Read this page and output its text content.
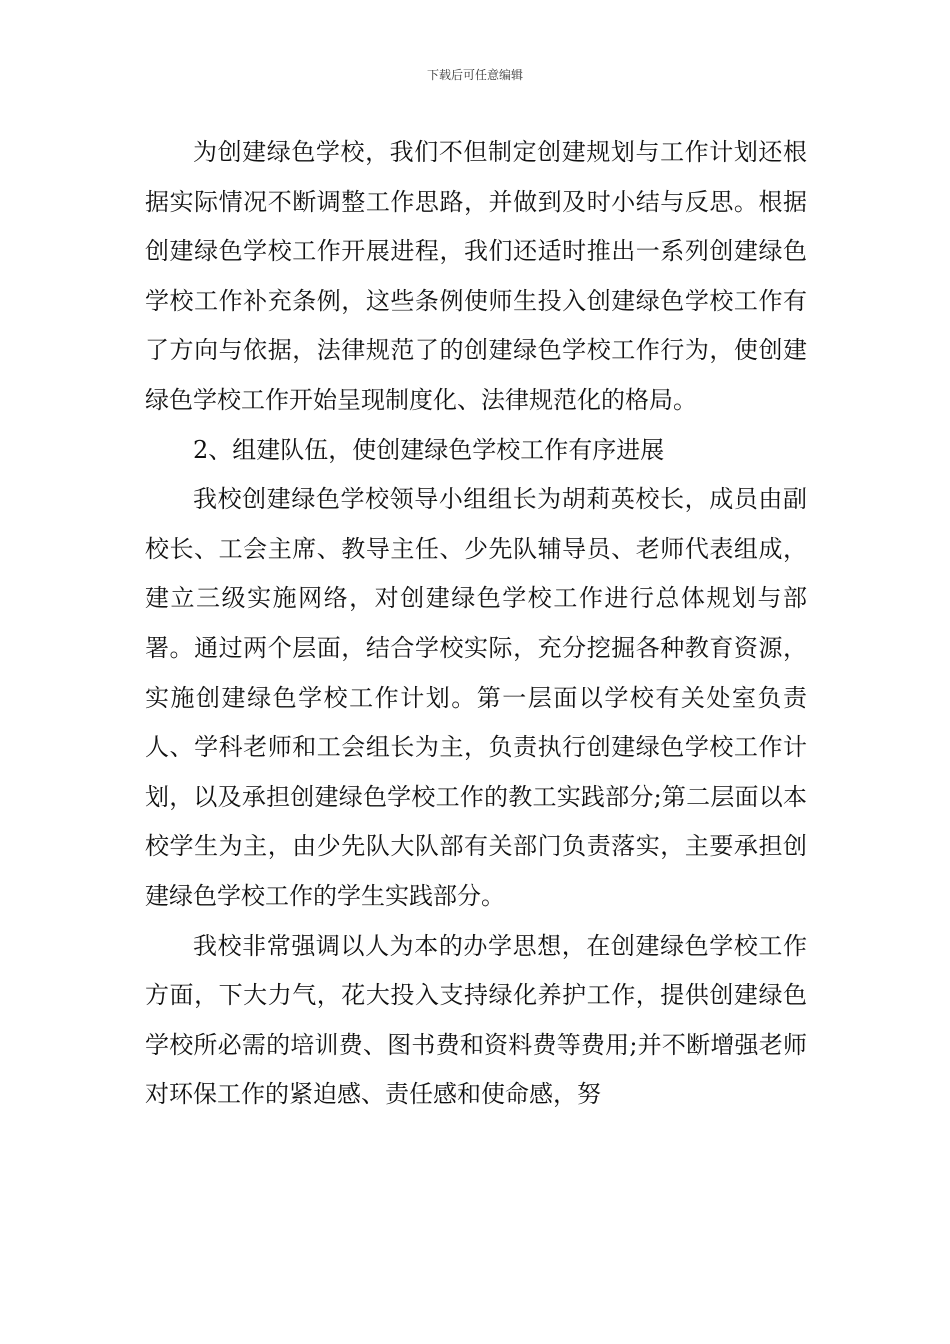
下载后可任意编辑

为创建绿色学校，我们不但制定创建规划与工作计划还根据实际情况不断调整工作思路，并做到及时小结与反思。根据创建绿色学校工作开展进程，我们还适时推出一系列创建绿色学校工作补充条例，这些条例使师生投入创建绿色学校工作有了方向与依据，法律规范了的创建绿色学校工作行为，使创建绿色学校工作开始呈现制度化、法律规范化的格局。

2、组建队伍，使创建绿色学校工作有序进展

我校创建绿色学校领导小组组长为胡莉英校长，成员由副校长、工会主席、教导主任、少先队辅导员、老师代表组成，建立三级实施网络，对创建绿色学校工作进行总体规划与部署。通过两个层面，结合学校实际，充分挖掘各种教育资源，实施创建绿色学校工作计划。第一层面以学校有关处室负责人、学科老师和工会组长为主，负责执行创建绿色学校工作计划，以及承担创建绿色学校工作的教工实践部分;第二层面以本校学生为主，由少先队大队部有关部门负责落实，主要承担创建绿色学校工作的学生实践部分。

我校非常强调以人为本的办学思想，在创建绿色学校工作方面，下大力气，花大投入支持绿化养护工作，提供创建绿色学校所必需的培训费、图书费和资料费等费用;并不断增强老师对环保工作的紧迫感、责任感和使命感，努
